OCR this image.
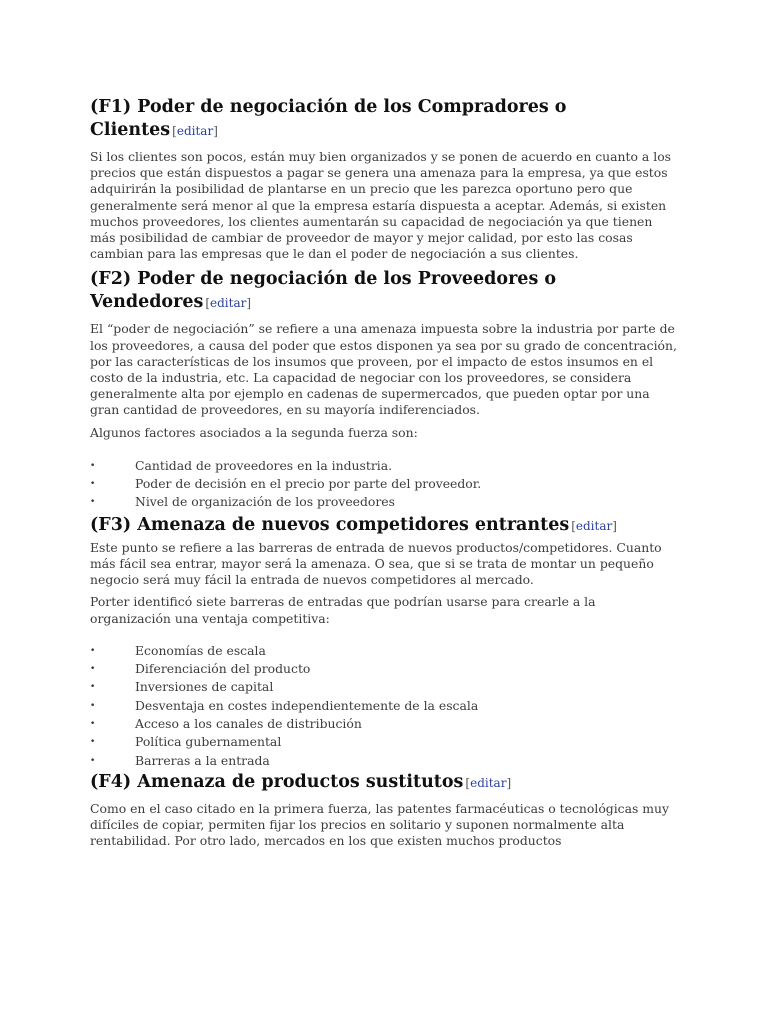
(F1) Poder de negociación de los Compradores o Clientes [editar]

Si los clientes son pocos, están muy bien organizados y se ponen de acuerdo en cuanto a los precios que están dispuestos a pagar se genera una amenaza para la empresa, ya que estos adquirirán la posibilidad de plantarse en un precio que les parezca oportuno pero que generalmente será menor al que la empresa estaría dispuesta a aceptar. Además, si existen muchos proveedores, los clientes aumentarán su capacidad de negociación ya que tienen más posibilidad de cambiar de proveedor de mayor y mejor calidad, por esto las cosas cambian para las empresas que le dan el poder de negociación a sus clientes.

(F2) Poder de negociación de los Proveedores o Vendedores [editar]

El “poder de negociación” se refiere a una amenaza impuesta sobre la industria por parte de los proveedores, a causa del poder que estos disponen ya sea por su grado de concentración, por las características de los insumos que proveen, por el impacto de estos insumos en el costo de la industria, etc. La capacidad de negociar con los proveedores, se considera generalmente alta por ejemplo en cadenas de supermercados, que pueden optar por una gran cantidad de proveedores, en su mayoría indiferenciados.

Algunos factores asociados a la segunda fuerza son:

•	Cantidad de proveedores en la industria.
•	Poder de decisión en el precio por parte del proveedor.
•	Nivel de organización de los proveedores
(F3) Amenaza de nuevos competidores entrantes [editar]

Este punto se refiere a las barreras de entrada de nuevos productos/competidores. Cuanto más fácil sea entrar, mayor será la amenaza. O sea, que si se trata de montar un pequeño negocio será muy fácil la entrada de nuevos competidores al mercado.

Porter identificó siete barreras de entradas que podrían usarse para crearle a la organización una ventaja competitiva:

•	Economías de escala
•	Diferenciación del producto
•	Inversiones de capital
•	Desventaja en costes independientemente de la escala
•	Acceso a los canales de distribución
•	Política gubernamental
•	Barreras a la entrada
(F4) Amenaza de productos sustitutos [editar]

Como en el caso citado en la primera fuerza, las patentes farmacéuticas o tecnológicas muy difíciles de copiar, permiten fijar los precios en solitario y suponen normalmente alta rentabilidad. Por otro lado, mercados en los que existen muchos productos
